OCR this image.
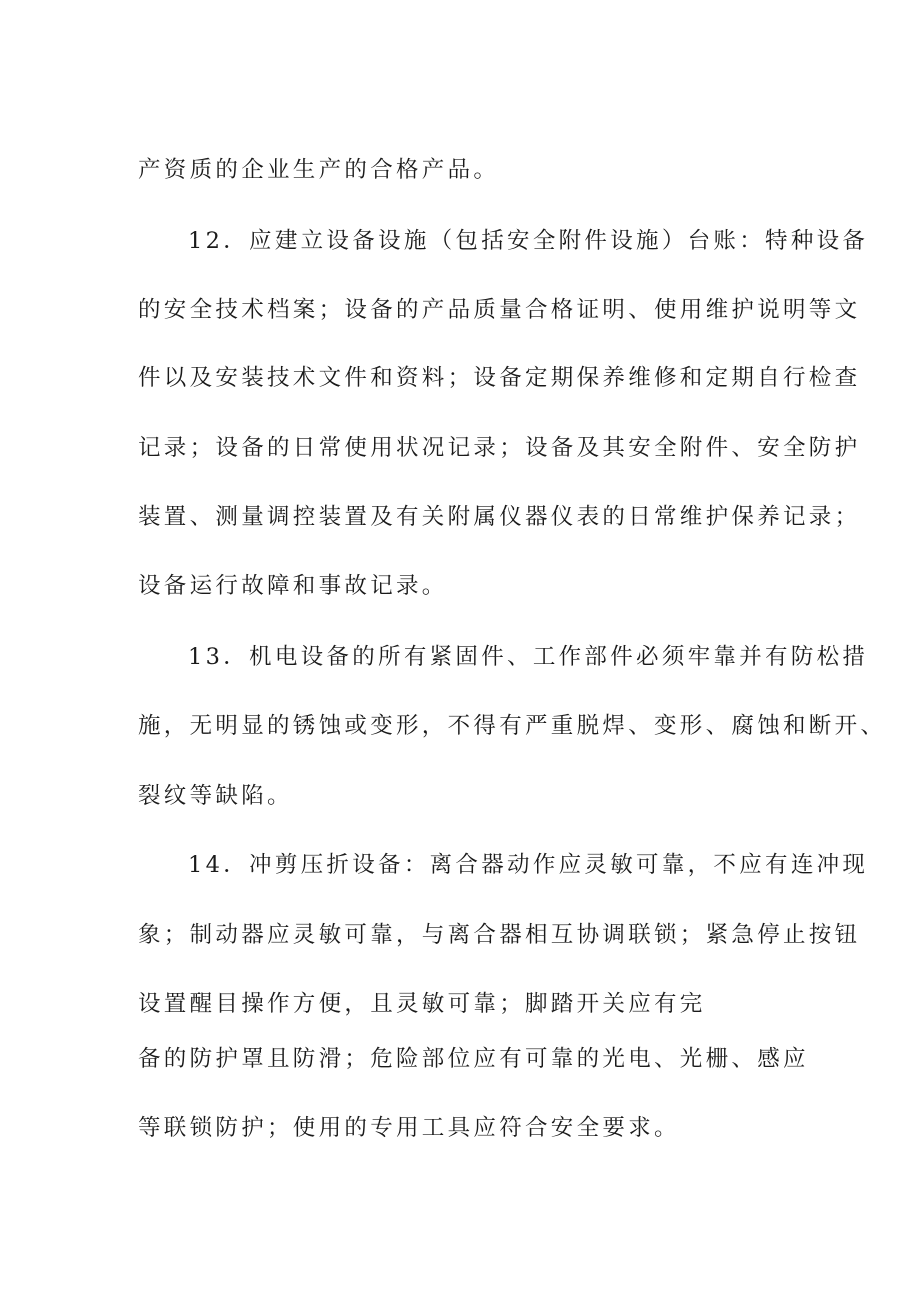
产资质的企业生产的合格产品。
12．应建立设备设施（包括安全附件设施）台账：特种设备
的安全技术档案；设备的产品质量合格证明、使用维护说明等文
件以及安装技术文件和资料；设备定期保养维修和定期自行检查
记录；设备的日常使用状况记录；设备及其安全附件、安全防护
装置、测量调控装置及有关附属仪器仪表的日常维护保养记录；
设备运行故障和事故记录。
13．机电设备的所有紧固件、工作部件必须牢靠并有防松措
施，无明显的锈蚀或变形，不得有严重脱焊、变形、腐蚀和断开、
裂纹等缺陷。
14．冲剪压折设备：离合器动作应灵敏可靠，不应有连冲现
象；制动器应灵敏可靠，与离合器相互协调联锁；紧急停止按钮
设置醒目操作方便，且灵敏可靠；脚踏开关应有完
备的防护罩且防滑；危险部位应有可靠的光电、光栅、感应
等联锁防护；使用的专用工具应符合安全要求。
